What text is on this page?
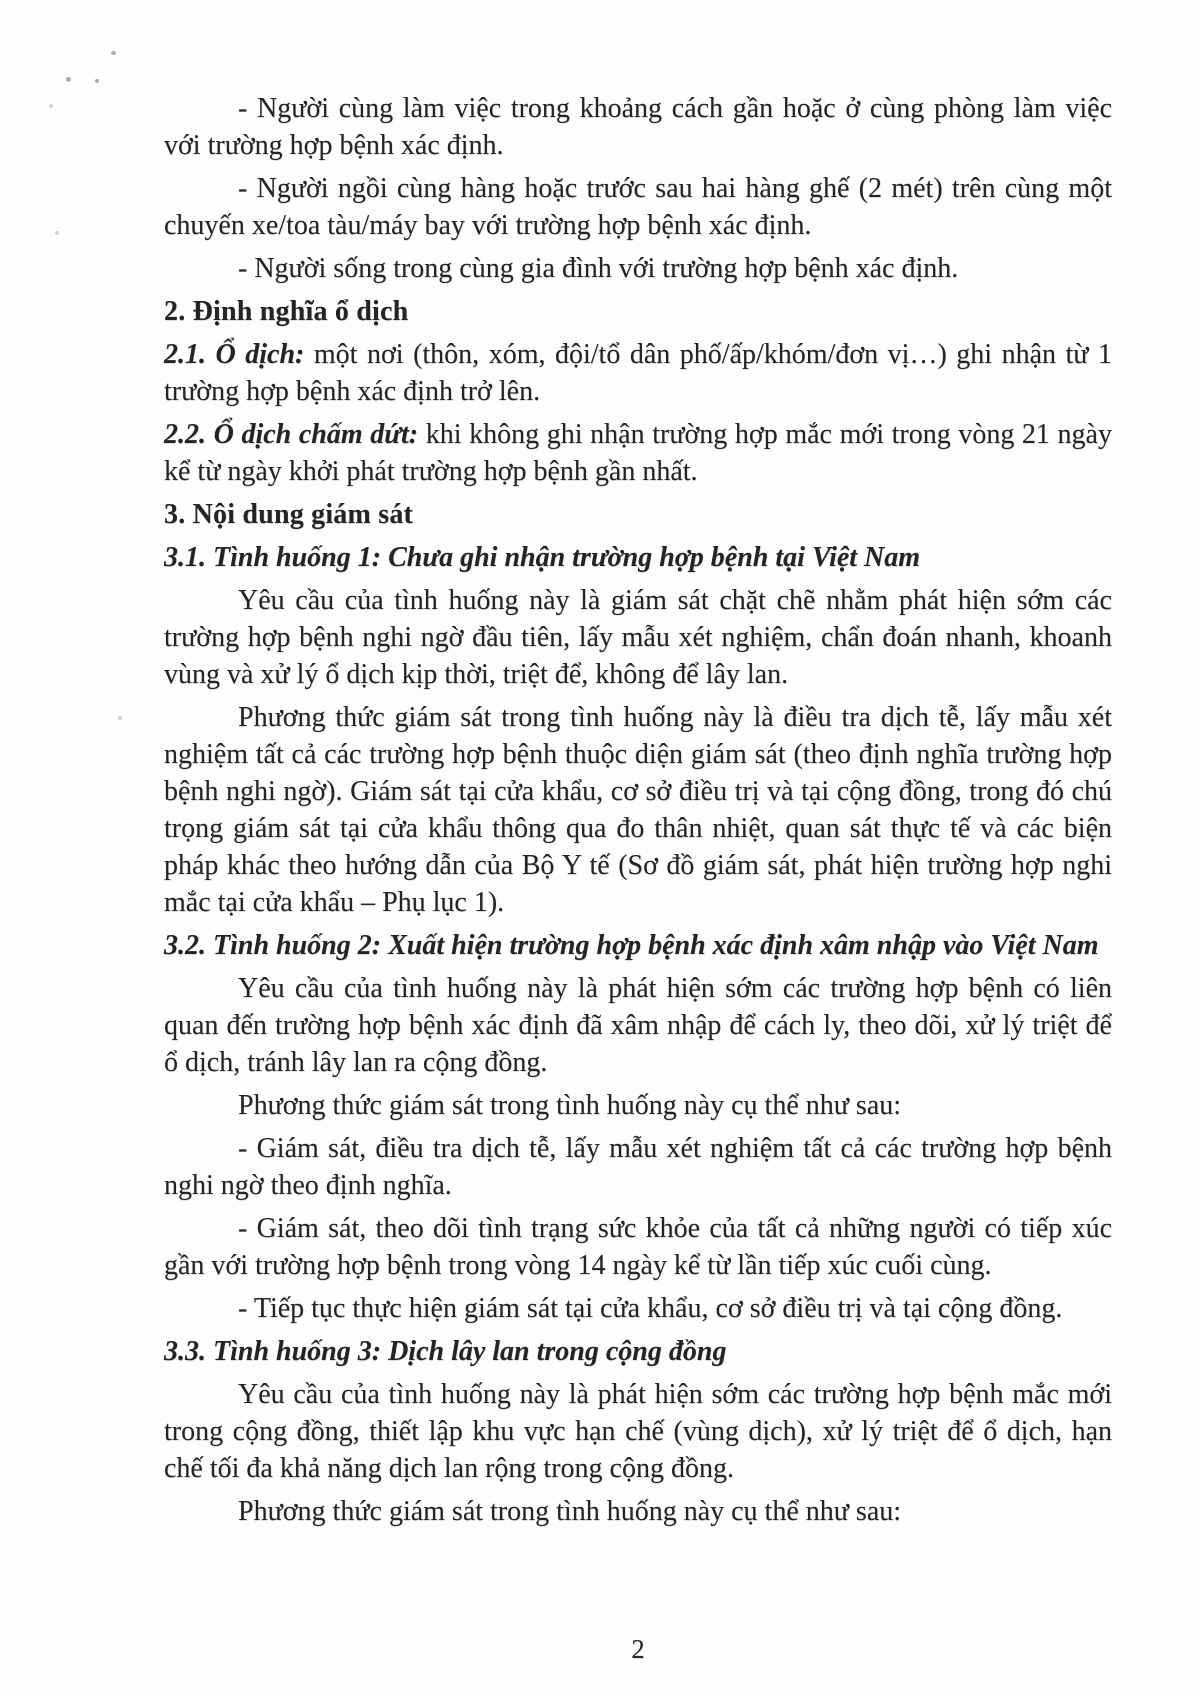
- Người cùng làm việc trong khoảng cách gần hoặc ở cùng phòng làm việc với trường hợp bệnh xác định.

- Người ngồi cùng hàng hoặc trước sau hai hàng ghế (2 mét) trên cùng một chuyến xe/toa tàu/máy bay với trường hợp bệnh xác định.

- Người sống trong cùng gia đình với trường hợp bệnh xác định.

2. Định nghĩa ổ dịch

2.1. Ổ dịch: một nơi (thôn, xóm, đội/tổ dân phố/ấp/khóm/đơn vị…) ghi nhận từ 1 trường hợp bệnh xác định trở lên.

2.2. Ổ dịch chấm dứt: khi không ghi nhận trường hợp mắc mới trong vòng 21 ngày kể từ ngày khởi phát trường hợp bệnh gần nhất.

3. Nội dung giám sát

3.1. Tình huống 1: Chưa ghi nhận trường hợp bệnh tại Việt Nam

Yêu cầu của tình huống này là giám sát chặt chẽ nhằm phát hiện sớm các trường hợp bệnh nghi ngờ đầu tiên, lấy mẫu xét nghiệm, chẩn đoán nhanh, khoanh vùng và xử lý ổ dịch kịp thời, triệt để, không để lây lan.

Phương thức giám sát trong tình huống này là điều tra dịch tễ, lấy mẫu xét nghiệm tất cả các trường hợp bệnh thuộc diện giám sát (theo định nghĩa trường hợp bệnh nghi ngờ). Giám sát tại cửa khẩu, cơ sở điều trị và tại cộng đồng, trong đó chú trọng giám sát tại cửa khẩu thông qua đo thân nhiệt, quan sát thực tế và các biện pháp khác theo hướng dẫn của Bộ Y tế (Sơ đồ giám sát, phát hiện trường hợp nghi mắc tại cửa khẩu – Phụ lục 1).

3.2. Tình huống 2: Xuất hiện trường hợp bệnh xác định xâm nhập vào Việt Nam

Yêu cầu của tình huống này là phát hiện sớm các trường hợp bệnh có liên quan đến trường hợp bệnh xác định đã xâm nhập để cách ly, theo dõi, xử lý triệt để ổ dịch, tránh lây lan ra cộng đồng.

Phương thức giám sát trong tình huống này cụ thể như sau:

- Giám sát, điều tra dịch tễ, lấy mẫu xét nghiệm tất cả các trường hợp bệnh nghi ngờ theo định nghĩa.

- Giám sát, theo dõi tình trạng sức khỏe của tất cả những người có tiếp xúc gần với trường hợp bệnh trong vòng 14 ngày kể từ lần tiếp xúc cuối cùng.

- Tiếp tục thực hiện giám sát tại cửa khẩu, cơ sở điều trị và tại cộng đồng.

3.3. Tình huống 3: Dịch lây lan trong cộng đồng

Yêu cầu của tình huống này là phát hiện sớm các trường hợp bệnh mắc mới trong cộng đồng, thiết lập khu vực hạn chế (vùng dịch), xử lý triệt để ổ dịch, hạn chế tối đa khả năng dịch lan rộng trong cộng đồng.

Phương thức giám sát trong tình huống này cụ thể như sau:

2
